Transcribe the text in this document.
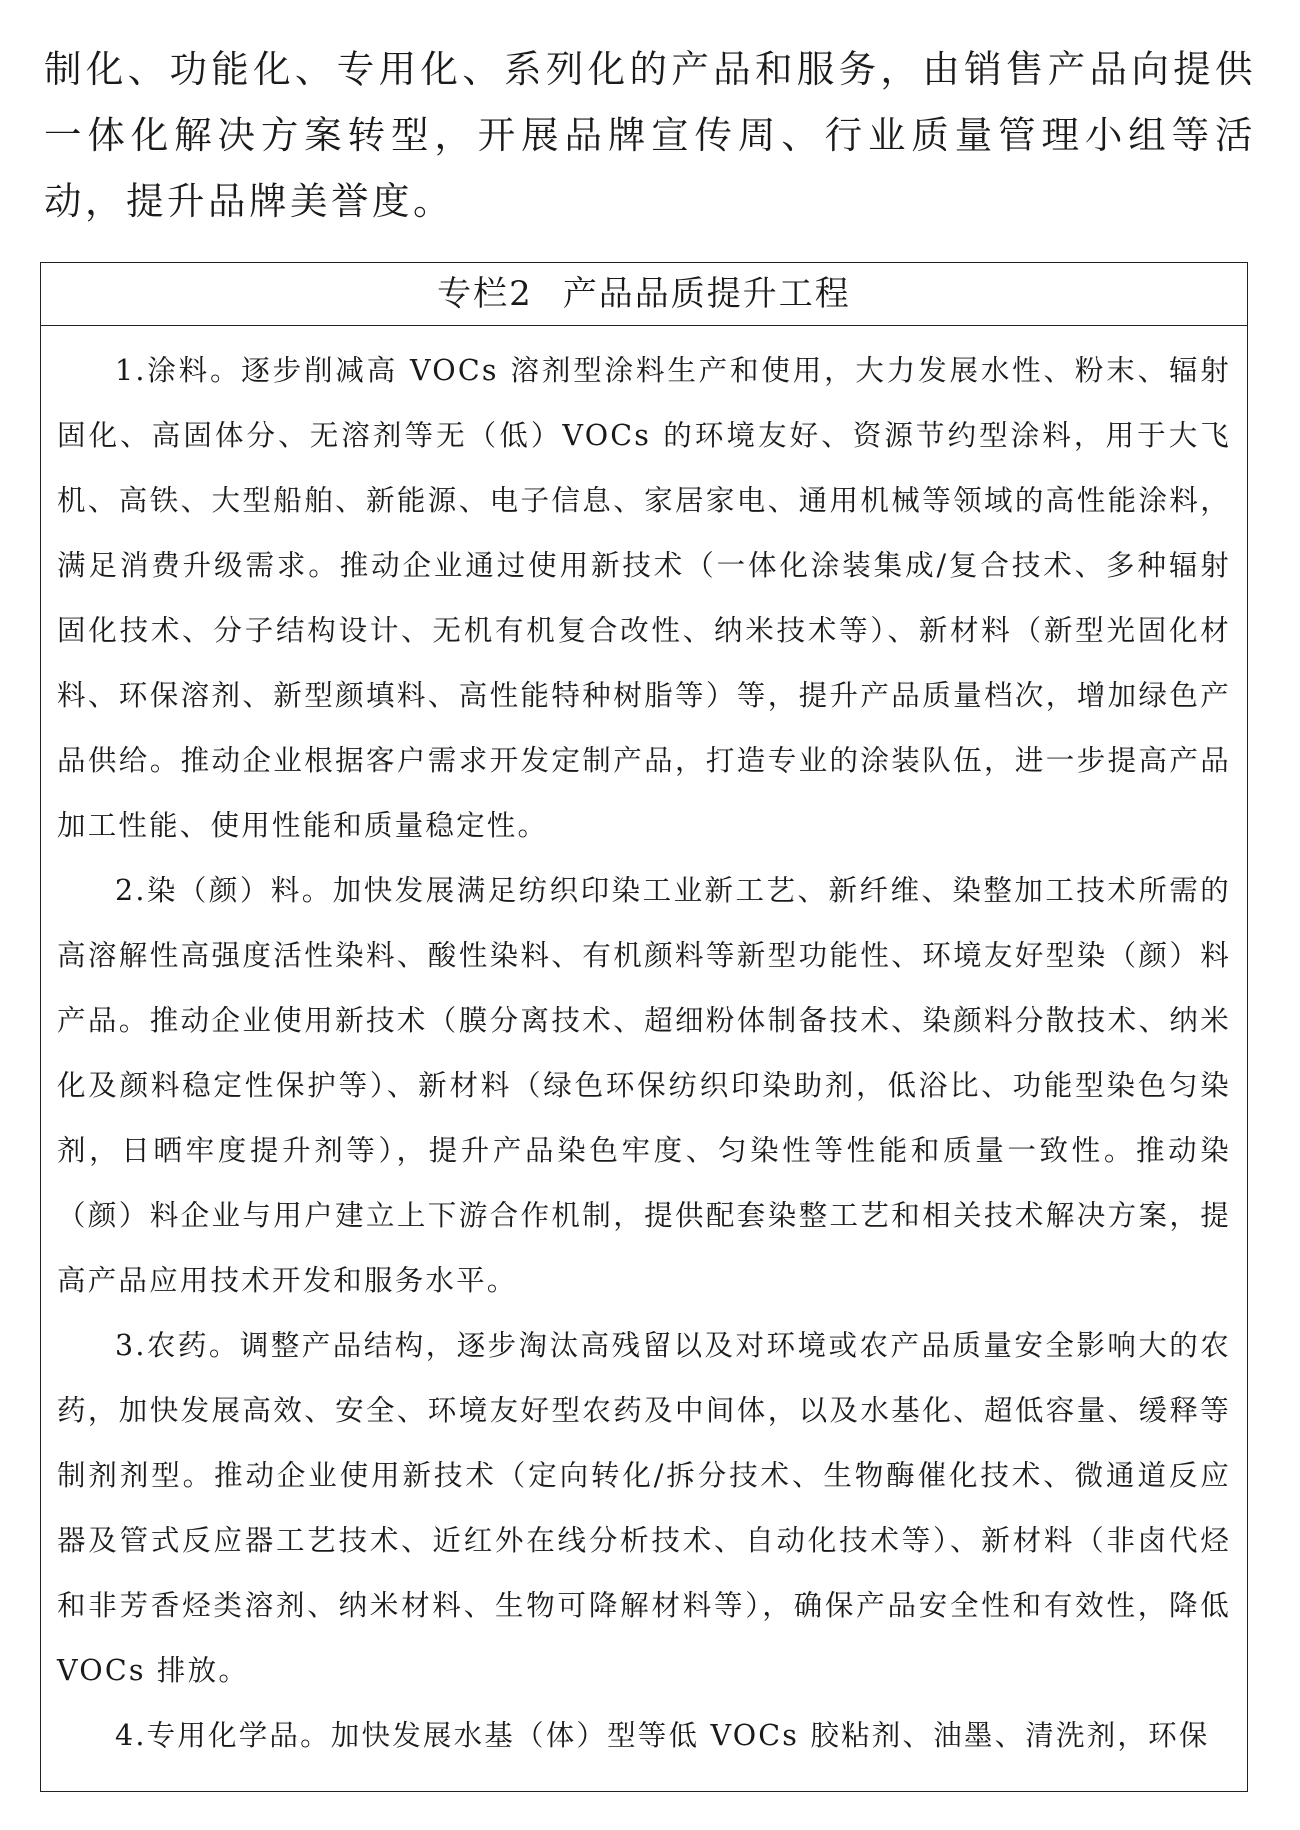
制化、功能化、专用化、系列化的产品和服务，由销售产品向提供一体化解决方案转型，开展品牌宣传周、行业质量管理小组等活动，提升品牌美誉度。

专栏2 产品品质提升工程

1.涂料。逐步削减高 VOCs 溶剂型涂料生产和使用，大力发展水性、粉末、辐射固化、高固体分、无溶剂等无（低）VOCs 的环境友好、资源节约型涂料，用于大飞机、高铁、大型船舶、新能源、电子信息、家居家电、通用机械等领域的高性能涂料，满足消费升级需求。推动企业通过使用新技术（一体化涂装集成/复合技术、多种辐射固化技术、分子结构设计、无机有机复合改性、纳米技术等）、新材料（新型光固化材料、环保溶剂、新型颜填料、高性能特种树脂等）等，提升产品质量档次，增加绿色产品供给。推动企业根据客户需求开发定制产品，打造专业的涂装队伍，进一步提高产品加工性能、使用性能和质量稳定性。

2.染（颜）料。加快发展满足纺织印染工业新工艺、新纤维、染整加工技术所需的高溶解性高强度活性染料、酸性染料、有机颜料等新型功能性、环境友好型染（颜）料产品。推动企业使用新技术（膜分离技术、超细粉体制备技术、染颜料分散技术、纳米化及颜料稳定性保护等）、新材料（绿色环保纺织印染助剂，低浴比、功能型染色匀染剂，日晒牢度提升剂等），提升产品染色牢度、匀染性等性能和质量一致性。推动染（颜）料企业与用户建立上下游合作机制，提供配套染整工艺和相关技术解决方案，提高产品应用技术开发和服务水平。

3.农药。调整产品结构，逐步淘汰高残留以及对环境或农产品质量安全影响大的农药，加快发展高效、安全、环境友好型农药及中间体，以及水基化、超低容量、缓释等制剂剂型。推动企业使用新技术（定向转化/拆分技术、生物酶催化技术、微通道反应器及管式反应器工艺技术、近红外在线分析技术、自动化技术等）、新材料（非卤代烃和非芳香烃类溶剂、纳米材料、生物可降解材料等），确保产品安全性和有效性，降低 VOCs 排放。

4.专用化学品。加快发展水基（体）型等低 VOCs 胶粘剂、油墨、清洗剂，环保
